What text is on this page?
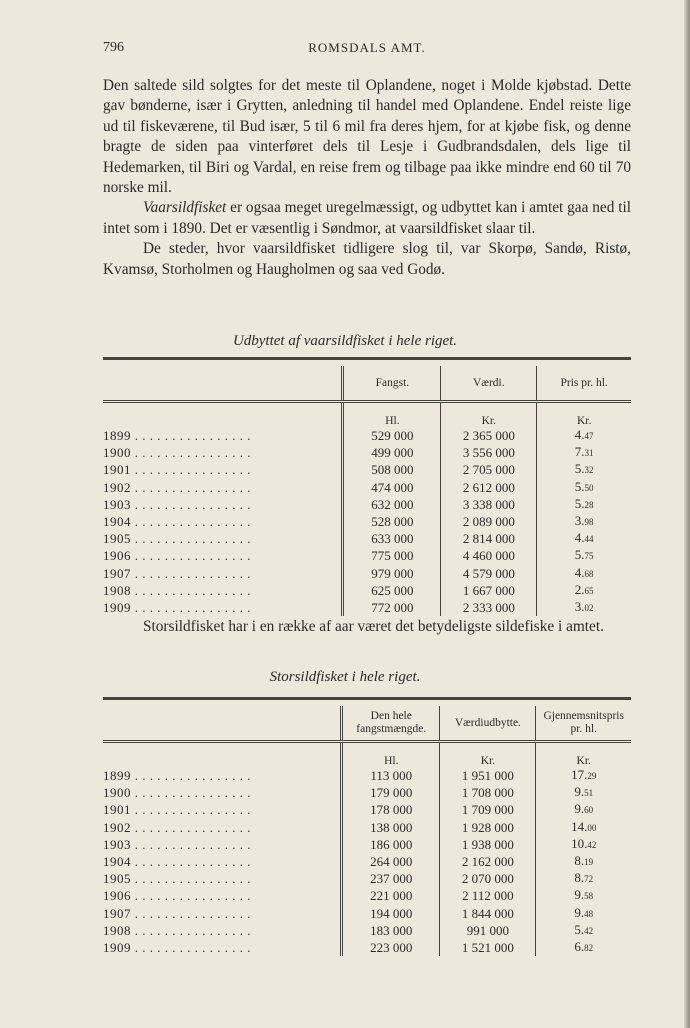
796	ROMSDALS AMT.

Den saltede sild solgtes for det meste til Oplandene, noget i Molde kjøbstad. Dette gav bønderne, især i Grytten, anledning til handel med Oplandene. Endel reiste lige ud til fiskeværene, til Bud især, 5 til 6 mil fra deres hjem, for at kjøbe fisk, og denne bragte de siden paa vinterføret dels til Lesje i Gudbrandsdalen, dels lige til Hedemarken, til Biri og Vardal, en reise frem og tilbage paa ikke mindre end 60 til 70 norske mil.

Vaarsildfisket er ogsaa meget uregelmæssigt, og udbyttet kan i amtet gaa ned til intet som i 1890. Det er væsentlig i Søndmor, at vaarsildfisket slaar til.

De steder, hvor vaarsildfisket tidligere slog til, var Skorpø, Sandø, Ristø, Kvamsø, Storholmen og Haugholmen og saa ved Godø.

Udbyttet af vaarsildfisket i hele riget.

	Fangst.	Værdi.	Pris pr. hl.
	Hl.	Kr.	Kr.
1899 . . . . . . . . . . . . . . . .	529 000	2 365 000	4.47
1900 . . . . . . . . . . . . . . . .	499 000	3 556 000	7.31
1901 . . . . . . . . . . . . . . . .	508 000	2 705 000	5.32
1902 . . . . . . . . . . . . . . . .	474 000	2 612 000	5.50
1903 . . . . . . . . . . . . . . . .	632 000	3 338 000	5.28
1904 . . . . . . . . . . . . . . . .	528 000	2 089 000	3.98
1905 . . . . . . . . . . . . . . . .	633 000	2 814 000	4.44
1906 . . . . . . . . . . . . . . . .	775 000	4 460 000	5.75
1907 . . . . . . . . . . . . . . . .	979 000	4 579 000	4.68
1908 . . . . . . . . . . . . . . . .	625 000	1 667 000	2.65
1909 . . . . . . . . . . . . . . . .	772 000	2 333 000	3.02

Storsildfisket har i en række af aar været det betydeligste sildefiske i amtet.

Storsildfisket i hele riget.

	Den hele fangstmængde.	Værdiudbytte.	Gjennemsnitspris pr. hl.
	Hl.	Kr.	Kr.
1899 . . . . . . . . . . . . . . . .	113 000	1 951 000	17.29
1900 . . . . . . . . . . . . . . . .	179 000	1 708 000	9.51
1901 . . . . . . . . . . . . . . . .	178 000	1 709 000	9.60
1902 . . . . . . . . . . . . . . . .	138 000	1 928 000	14.00
1903 . . . . . . . . . . . . . . . .	186 000	1 938 000	10.42
1904 . . . . . . . . . . . . . . . .	264 000	2 162 000	8.19
1905 . . . . . . . . . . . . . . . .	237 000	2 070 000	8.72
1906 . . . . . . . . . . . . . . . .	221 000	2 112 000	9.58
1907 . . . . . . . . . . . . . . . .	194 000	1 844 000	9.48
1908 . . . . . . . . . . . . . . . .	183 000	991 000	5.42
1909 . . . . . . . . . . . . . . . .	223 000	1 521 000	6.82
